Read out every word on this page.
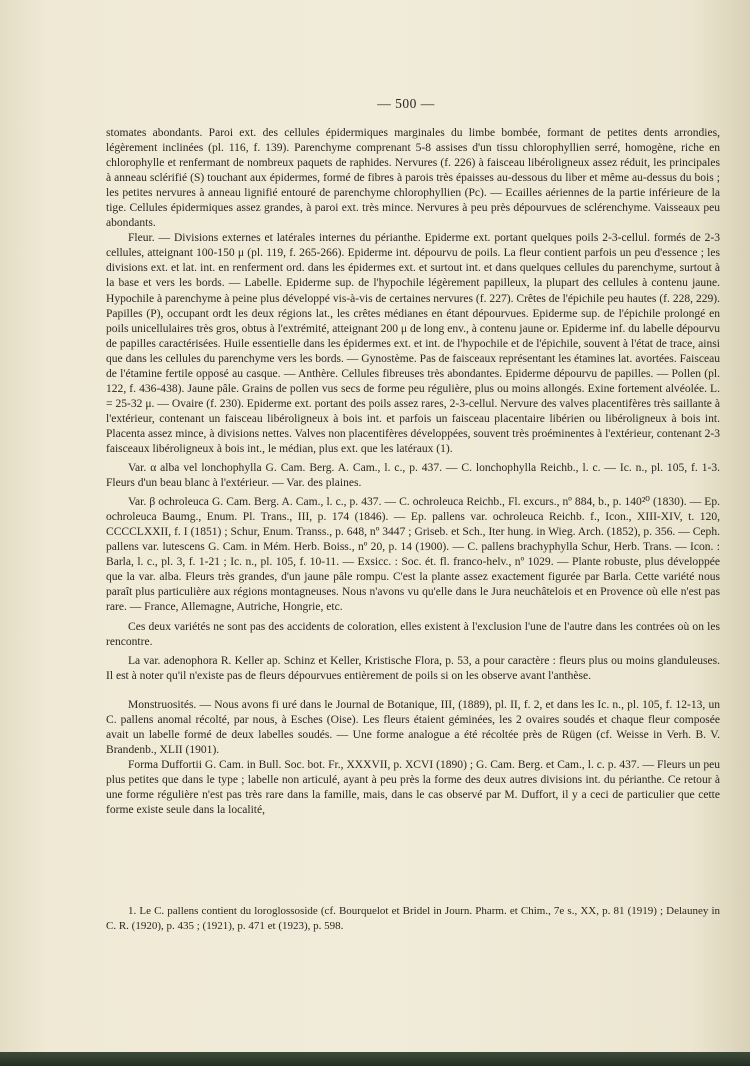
— 500 —

stomates abondants. Paroi ext. des cellules épidermiques marginales du limbe bombée, formant de petites dents arrondies, légèrement inclinées (pl. 116, f. 139). Parenchyme comprenant 5-8 assises d'un tissu chlorophyllien serré, homogène, riche en chlorophylle et renfermant de nombreux paquets de raphides. Nervures (f. 226) à faisceau libéroligneux assez réduit, les principales à anneau sclérifié (S) touchant aux épidermes, formé de fibres à parois très épaisses au-dessous du liber et même au-dessus du bois ; les petites nervures à anneau lignifié entouré de parenchyme chlorophyllien (Pc). — Ecailles aériennes de la partie inférieure de la tige. Cellules épidermiques assez grandes, à paroi ext. très mince. Nervures à peu près dépourvues de sclérenchyme. Vaisseaux peu abondants.

Fleur. — Divisions externes et latérales internes du périanthe. Epiderme ext. portant quelques poils 2-3-cellul. formés de 2-3 cellules, atteignant 100-150 μ (pl. 119, f. 265-266). Epiderme int. dépourvu de poils. La fleur contient parfois un peu d'essence ; les divisions ext. et lat. int. en renferment ord. dans les épidermes ext. et surtout int. et dans quelques cellules du parenchyme, surtout à la base et vers les bords. — Labelle. Epiderme sup. de l'hypochile légèrement papilleux, la plupart des cellules à contenu jaune. Hypochile à parenchyme à peine plus développé vis-à-vis de certaines nervures (f. 227). Crêtes de l'épichile peu hautes (f. 228, 229). Papilles (P), occupant ordt les deux régions lat., les crêtes médianes en étant dépourvues. Epiderme sup. de l'épichile prolongé en poils unicellulaires très gros, obtus à l'extrémité, atteignant 200 μ de long env., à contenu jaune or. Epiderme inf. du labelle dépourvu de papilles caractérisées. Huile essentielle dans les épidermes ext. et int. de l'hypochile et de l'épichile, souvent à l'état de trace, ainsi que dans les cellules du parenchyme vers les bords. — Gynostème. Pas de faisceaux représentant les étamines lat. avortées. Faisceau de l'étamine fertile opposé au casque. — Anthère. Cellules fibreuses très abondantes. Epiderme dépourvu de papilles. — Pollen (pl. 122, f. 436-438). Jaune pâle. Grains de pollen vus secs de forme peu régulière, plus ou moins allongés. Exine fortement alvéolée. L. = 25-32 μ. — Ovaire (f. 230). Epiderme ext. portant des poils assez rares, 2-3-cellul. Nervure des valves placentifères très saillante à l'extérieur, contenant un faisceau libéroligneux à bois int. et parfois un faisceau placentaire libérien ou libéroligneux à bois int. Placenta assez mince, à divisions nettes. Valves non placentifères développées, souvent très proéminentes à l'extérieur, contenant 2-3 faisceaux libéroligneux à bois int., le médian, plus ext. que les latéraux (1).

Var. α alba vel lonchophylla G. Cam. Berg. A. Cam., l. c., p. 437. — C. lonchophylla Reichb., l. c. — Ic. n., pl. 105, f. 1-3. Fleurs d'un beau blanc à l'extérieur. — Var. des plaines.

Var. β ochroleuca G. Cam. Berg. A. Cam., l. c., p. 437. — C. ochroleuca Reichb., Fl. excurs., nº 884, b., p. 140²⁰ (1830). — Ep. ochroleuca Baumg., Enum. Pl. Trans., III, p. 174 (1846). — Ep. pallens var. ochroleuca Reichb. f., Icon., XIII-XIV, t. 120, CCCCLXXII, f. I (1851) ; Schur, Enum. Transs., p. 648, nº 3447 ; Griseb. et Sch., Iter hung. in Wieg. Arch. (1852), p. 356. — Ceph. pallens var. lutescens G. Cam. in Mém. Herb. Boiss., nº 20, p. 14 (1900). — C. pallens brachyphylla Schur, Herb. Trans. — Icon. : Barla, l. c., pl. 3, f. 1-21 ; Ic. n., pl. 105, f. 10-11. — Exsicc. : Soc. ét. fl. franco-helv., nº 1029. — Plante robuste, plus développée que la var. alba. Fleurs très grandes, d'un jaune pâle rompu. C'est la plante assez exactement figurée par Barla. Cette variété nous paraît plus particulière aux régions montagneuses. Nous n'avons vu qu'elle dans le Jura neuchâtelois et en Provence où elle n'est pas rare. — France, Allemagne, Autriche, Hongrie, etc.

Ces deux variétés ne sont pas des accidents de coloration, elles existent à l'exclusion l'une de l'autre dans les contrées où on les rencontre.

La var. adenophora R. Keller ap. Schinz et Keller, Kristische Flora, p. 53, a pour caractère : fleurs plus ou moins glanduleuses. Il est à noter qu'il n'existe pas de fleurs dépourvues entièrement de poils si on les observe avant l'anthèse.

Monstruosités. — Nous avons fi uré dans le Journal de Botanique, III, (1889), pl. II, f. 2, et dans les Ic. n., pl. 105, f. 12-13, un C. pallens anomal récolté, par nous, à Esches (Oise). Les fleurs étaient géminées, les 2 ovaires soudés et chaque fleur composée avait un labelle formé de deux labelles soudés. — Une forme analogue a été récoltée près de Rügen (cf. Weisse in Verh. B. V. Brandenb., XLII (1901).

Forma Duffortii G. Cam. in Bull. Soc. bot. Fr., XXXVII, p. XCVI (1890) ; G. Cam. Berg. et Cam., l. c. p. 437. — Fleurs un peu plus petites que dans le type ; labelle non articulé, ayant à peu près la forme des deux autres divisions int. du périanthe. Ce retour à une forme régulière n'est pas très rare dans la famille, mais, dans le cas observé par M. Duffort, il y a ceci de particulier que cette forme existe seule dans la localité,

1. Le C. pallens contient du loroglossoside (cf. Bourquelot et Bridel in Journ. Pharm. et Chim., 7e s., XX, p. 81 (1919) ; Delauney in C. R. (1920), p. 435 ; (1921), p. 471 et (1923), p. 598.
